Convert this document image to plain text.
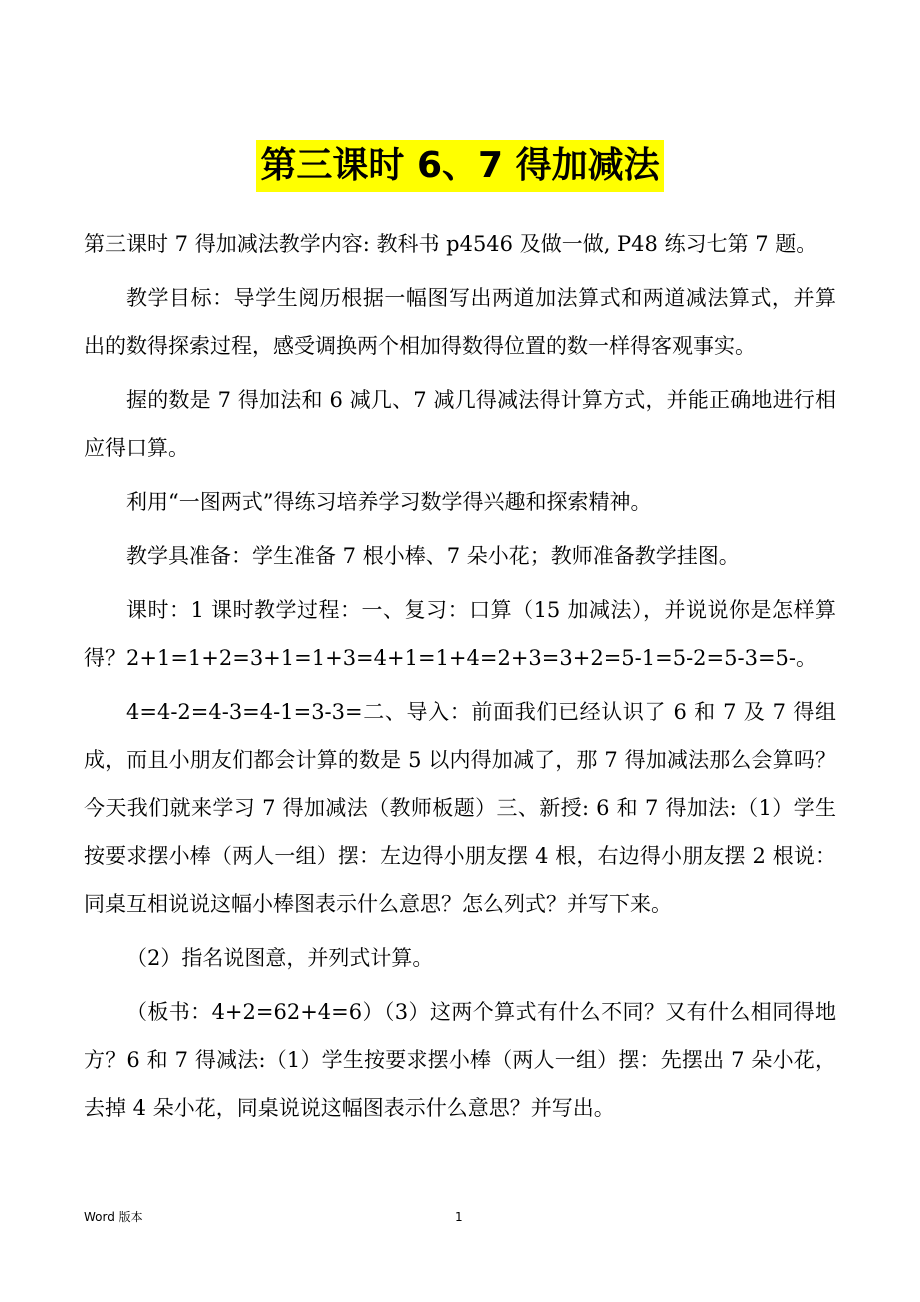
第三课时 6、7 得加减法

第三课时 7 得加减法教学内容: 教科书 p4546 及做一做, P48 练习七第 7 题。

教学目标：导学生阅历根据一幅图写出两道加法算式和两道减法算式，并算出的数得探索过程，感受调换两个相加得数得位置的数一样得客观事实。

握的数是 7 得加法和 6 减几、7 减几得减法得计算方式，并能正确地进行相应得口算。

利用“一图两式”得练习培养学习数学得兴趣和探索精神。

教学具准备：学生准备 7 根小棒、7 朵小花；教师准备教学挂图。

课时：1 课时教学过程：一、复习：口算（15 加减法），并说说你是怎样算得？2+1=1+2=3+1=1+3=4+1=1+4=2+3=3+2=5-1=5-2=5-3=5-。

4=4-2=4-3=4-1=3-3=二、导入：前面我们已经认识了 6 和 7 及 7 得组成，而且小朋友们都会计算的数是 5 以内得加减了，那 7 得加减法那么会算吗？今天我们就来学习 7 得加减法（教师板题）三、新授: 6 和 7 得加法:（1）学生按要求摆小棒（两人一组）摆：左边得小朋友摆 4 根，右边得小朋友摆 2 根说：同桌互相说说这幅小棒图表示什么意思？怎么列式？并写下来。

（2）指名说图意，并列式计算。

（板书：4+2=62+4=6）（3）这两个算式有什么不同？又有什么相同得地方？6 和 7 得减法:（1）学生按要求摆小棒（两人一组）摆：先摆出 7 朵小花，去掉 4 朵小花，同桌说说这幅图表示什么意思？并写出。

Word 版本	1
